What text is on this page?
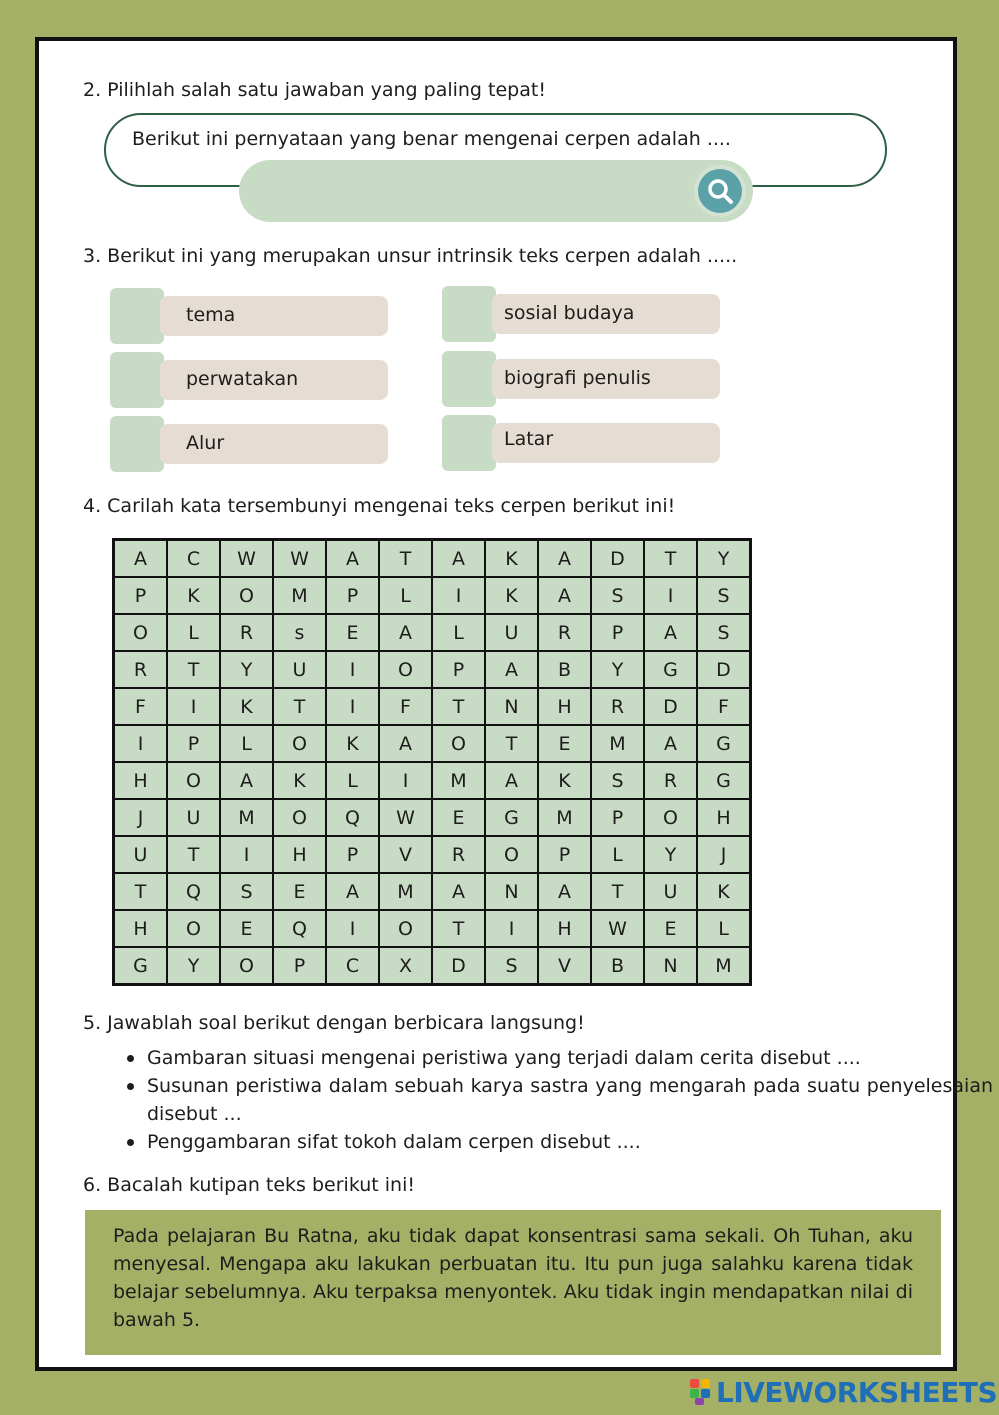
2. Pilihlah salah satu jawaban yang paling tepat!
Berikut ini pernyataan yang benar mengenai cerpen adalah ....
3. Berikut ini yang merupakan unsur intrinsik teks cerpen adalah .....
tema	sosial budaya
perwatakan	biografi penulis
Alur	Latar
4. Carilah kata tersembunyi mengenai teks cerpen berikut ini!
A	C	W	W	A	T	A	K	A	D	T	Y
P	K	O	M	P	L	I	K	A	S	I	S
O	L	R	s	E	A	L	U	R	P	A	S
R	T	Y	U	I	O	P	A	B	Y	G	D
F	I	K	T	I	F	T	N	H	R	D	F
I	P	L	O	K	A	O	T	E	M	A	G
H	O	A	K	L	I	M	A	K	S	R	G
J	U	M	O	Q	W	E	G	M	P	O	H
U	T	I	H	P	V	R	O	P	L	Y	J
T	Q	S	E	A	M	A	N	A	T	U	K
H	O	E	Q	I	O	T	I	H	W	E	L
G	Y	O	P	C	X	D	S	V	B	N	M
5. Jawablah soal berikut dengan berbicara langsung!
Gambaran situasi mengenai peristiwa yang terjadi dalam cerita disebut ....
Susunan peristiwa dalam sebuah karya sastra yang mengarah pada suatu penyelesaian disebut ...
Penggambaran sifat tokoh dalam cerpen disebut ....
6. Bacalah kutipan teks berikut ini!

Pada pelajaran Bu Ratna, aku tidak dapat konsentrasi sama sekali. Oh Tuhan, aku menyesal. Mengapa aku lakukan perbuatan itu. Itu pun juga salahku karena tidak belajar sebelumnya. Aku terpaksa menyontek. Aku tidak ingin mendapatkan nilai di bawah 5.

LIVEWORKSHEETS
